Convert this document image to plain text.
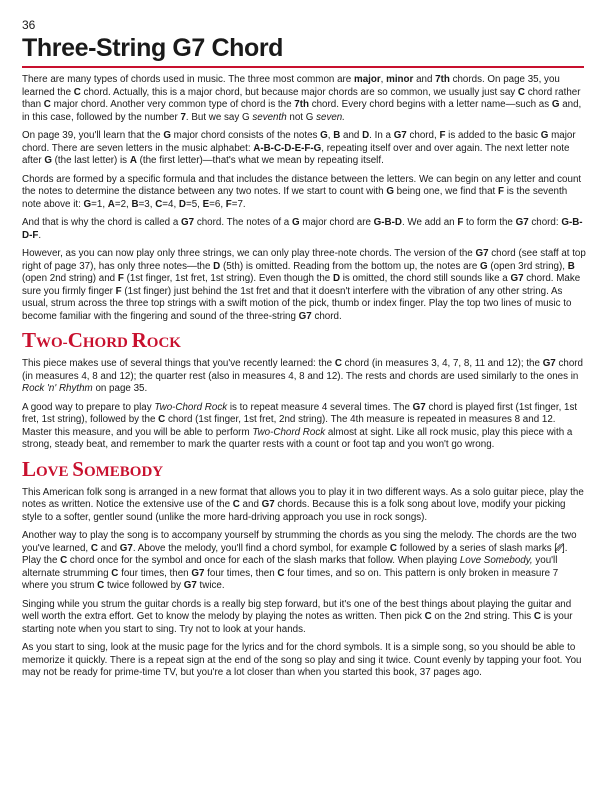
36
Three-String G7 Chord

There are many types of chords used in music. The three most common are major, minor and 7th chords. On page 35, you learned the C chord. Actually, this is a major chord, but because major chords are so common, we usually just say C chord rather than C major chord. Another very common type of chord is the 7th chord. Every chord begins with a letter name—such as G and, in this case, followed by the number 7. But we say G seventh not G seven.

On page 39, you'll learn that the G major chord consists of the notes G, B and D. In a G7 chord, F is added to the basic G major chord. There are seven letters in the music alphabet: A-B-C-D-E-F-G, repeating itself over and over again. The next letter note after G (the last letter) is A (the first letter)—that's what we mean by repeating itself.

Chords are formed by a specific formula and that includes the distance between the letters. We can begin on any letter and count the notes to determine the distance between any two notes. If we start to count with G being one, we find that F is the seventh note above it: G=1, A=2, B=3, C=4, D=5, E=6, F=7.

And that is why the chord is called a G7 chord. The notes of a G major chord are G-B-D. We add an F to form the G7 chord: G-B-D-F.

However, as you can now play only three strings, we can only play three-note chords. The version of the G7 chord (see staff at top right of page 37), has only three notes—the D (5th) is omitted. Reading from the bottom up, the notes are G (open 3rd string), B (open 2nd string) and F (1st finger, 1st fret, 1st string). Even though the D is omitted, the chord still sounds like a G7 chord. Make sure you firmly finger F (1st finger) just behind the 1st fret and that it doesn't interfere with the vibration of any other string. As usual, strum across the three top strings with a swift motion of the pick, thumb or index finger. Play the top two lines of music to become familiar with the fingering and sound of the three-string G7 chord.

TWO-CHORD ROCK

This piece makes use of several things that you've recently learned: the C chord (in measures 3, 4, 7, 8, 11 and 12); the G7 chord (in measures 4, 8 and 12); the quarter rest (also in measures 4, 8 and 12). The rests and chords are used similarly to the ones in Rock 'n' Rhythm on page 35.

A good way to prepare to play Two-Chord Rock is to repeat measure 4 several times. The G7 chord is played first (1st finger, 1st fret, 1st string), followed by the C chord (1st finger, 1st fret, 2nd string). The 4th measure is repeated in measures 8 and 12. Master this measure, and you will be able to perform Two-Chord Rock almost at sight. Like all rock music, play this piece with a strong, steady beat, and remember to mark the quarter rests with a count or foot tap and you won't go wrong.

LOVE SOMEBODY

This American folk song is arranged in a new format that allows you to play it in two different ways. As a solo guitar piece, play the notes as written. Notice the extensive use of the C and G7 chords. Because this is a folk song about love, modify your picking style to a softer, gentler sound (unlike the more hard-driving approach you use in rock songs).

Another way to play the song is to accompany yourself by strumming the chords as you sing the melody. The chords are the two you've learned, C and G7. Above the melody, you'll find a chord symbol, for example C followed by a series of slash marks [⁄⁄⁄]. Play the C chord once for the symbol and once for each of the slash marks that follow. When playing Love Somebody, you'll alternate strumming C four times, then G7 four times, then C four times, and so on. This pattern is only broken in measure 7 where you strum C twice followed by G7 twice.

Singing while you strum the guitar chords is a really big step forward, but it's one of the best things about playing the guitar and well worth the extra effort. Get to know the melody by playing the notes as written. Then pick C on the 2nd string. This C is your starting note when you start to sing. Try not to look at your hands.

As you start to sing, look at the music page for the lyrics and for the chord symbols. It is a simple song, so you should be able to memorize it quickly. There is a repeat sign at the end of the song so play and sing it twice. Count evenly by tapping your foot. You may not be ready for prime-time TV, but you're a lot closer than when you started this book, 37 pages ago.
